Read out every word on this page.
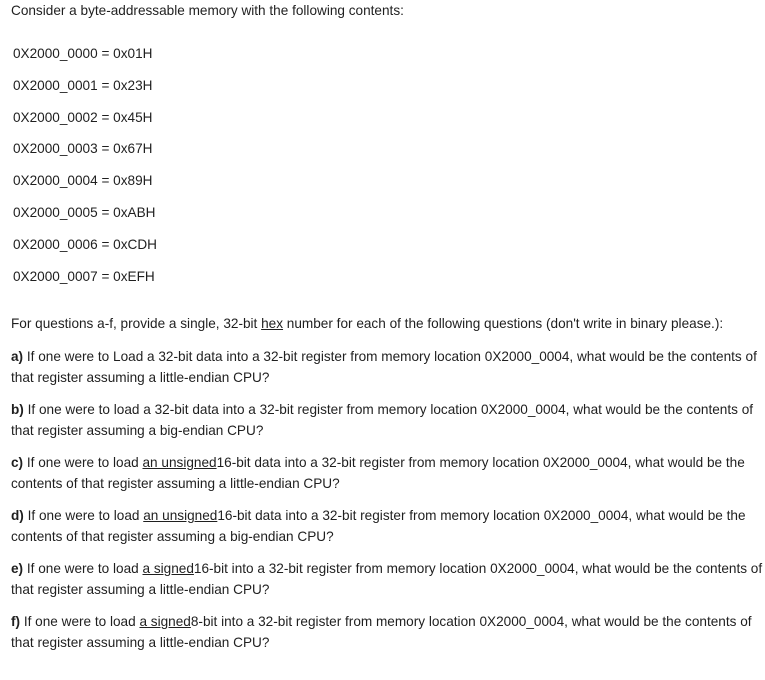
Consider a byte-addressable memory with the following contents:
0X2000_0000 = 0x01H
0X2000_0001 = 0x23H
0X2000_0002 = 0x45H
0X2000_0003 = 0x67H
0X2000_0004 = 0x89H
0X2000_0005 = 0xABH
0X2000_0006 = 0xCDH
0X2000_0007 = 0xEFH
For questions a-f, provide a single, 32-bit hex number for each of the following questions (don't write in binary please.):
a) If one were to Load a 32-bit data into a 32-bit register from memory location 0X2000_0004, what would be the contents of that register assuming a little-endian CPU?
b) If one were to load a 32-bit data into a 32-bit register from memory location 0X2000_0004, what would be the contents of that register assuming a big-endian CPU?
c) If one were to load an unsigned16-bit data into a 32-bit register from memory location 0X2000_0004, what would be the contents of that register assuming a little-endian CPU?
d) If one were to load an unsigned16-bit data into a 32-bit register from memory location 0X2000_0004, what would be the contents of that register assuming a big-endian CPU?
e) If one were to load a signed16-bit into a 32-bit register from memory location 0X2000_0004, what would be the contents of that register assuming a little-endian CPU?
f) If one were to load a signed8-bit into a 32-bit register from memory location 0X2000_0004, what would be the contents of that register assuming a little-endian CPU?
